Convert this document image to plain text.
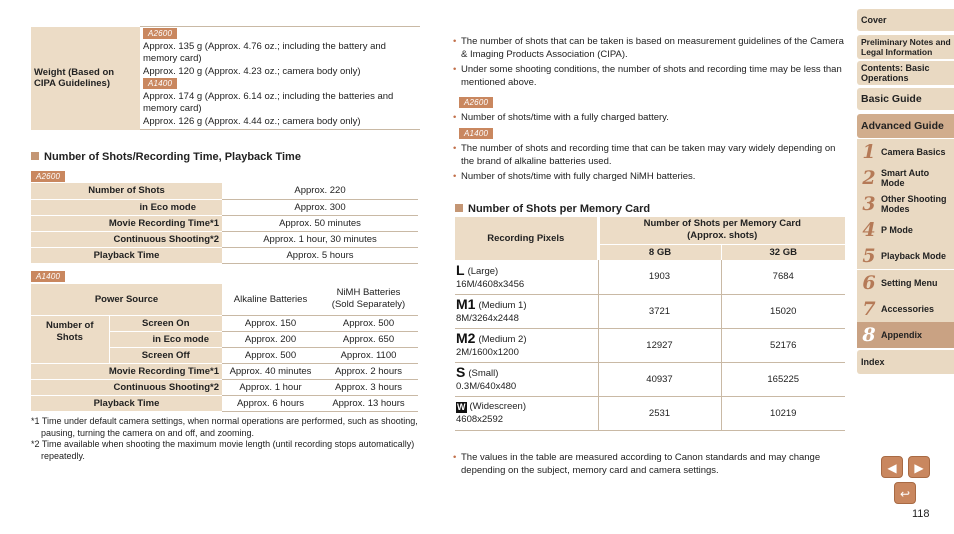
Weight (Based on CIPA Guidelines)	A2600
Approx. 135 g (Approx. 4.76 oz.; including the battery and memory card)
Approx. 120 g (Approx. 4.23 oz.; camera body only)
A1400
Approx. 174 g (Approx. 6.14 oz.; including the batteries and memory card)
Approx. 126 g (Approx. 4.44 oz.; camera body only)
Number of Shots/Recording Time, Playback Time
A2600
Number of Shots	Approx. 220
in Eco mode	Approx. 300
Movie Recording Time*1	Approx. 50 minutes
Continuous Shooting*2	Approx. 1 hour, 30 minutes
Playback Time	Approx. 5 hours
A1400
Power Source		Alkaline Batteries	NiMH Batteries
(Sold Separately)
Number of Shots	Screen On	Approx. 150	Approx. 500
	in Eco mode	Approx. 200	Approx. 650
	Screen Off	Approx. 500	Approx. 1100
Movie Recording Time*1		Approx. 40 minutes	Approx. 2 hours
Continuous Shooting*2		Approx. 1 hour	Approx. 3 hours
Playback Time		Approx. 6 hours	Approx. 13 hours
*1 Time under default camera settings, when normal operations are performed, such as shooting, pausing, turning the camera on and off, and zooming.
*2 Time available when shooting the maximum movie length (until recording stops automatically) repeatedly.
• The number of shots that can be taken is based on measurement guidelines of the Camera & Imaging Products Association (CIPA).
• Under some shooting conditions, the number of shots and recording time may be less than mentioned above.
A2600
• Number of shots/time with a fully charged battery.
A1400
• The number of shots and recording time that can be taken may vary widely depending on the brand of alkaline batteries used.
• Number of shots/time with fully charged NiMH batteries.
Number of Shots per Memory Card
Recording Pixels	Number of Shots per Memory Card
(Approx. shots)	
	8 GB	32 GB
L (Large)
16M/4608x3456	1903	7684
M1 (Medium 1)
8M/3264x2448	3721	15020
M2 (Medium 2)
2M/1600x1200	12927	52176
S (Small)
0.3M/640x480	40937	165225
W (Widescreen)
4608x2592	2531	10219
• The values in the table are measured according to Canon standards and may change depending on the subject, memory card and camera settings.
Cover
Preliminary Notes and Legal Information
Contents: Basic Operations
Basic Guide
Advanced Guide
1 Camera Basics
2 Smart Auto Mode
3 Other Shooting Modes
4 P Mode
5 Playback Mode
6 Setting Menu
7 Accessories
8 Appendix
Index
◀	▶
↩
118
